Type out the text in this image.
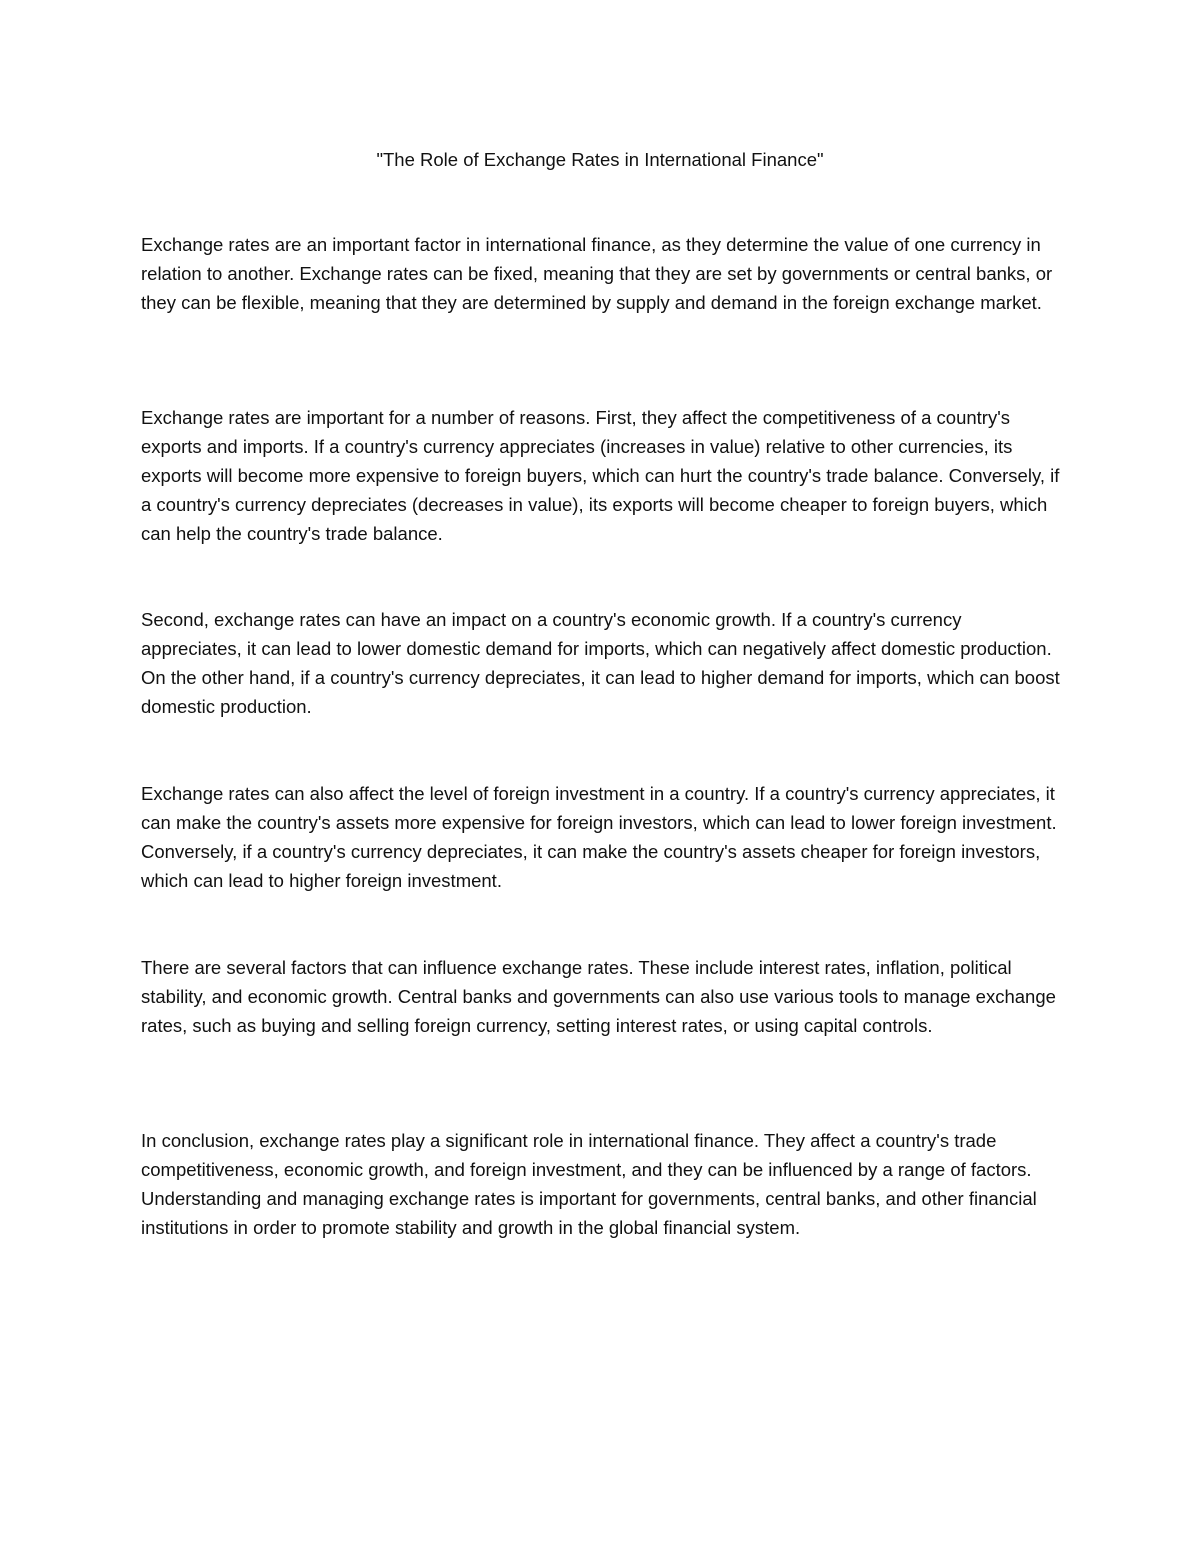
"The Role of Exchange Rates in International Finance"

Exchange rates are an important factor in international finance, as they determine the value of one currency in relation to another. Exchange rates can be fixed, meaning that they are set by governments or central banks, or they can be flexible, meaning that they are determined by supply and demand in the foreign exchange market.

Exchange rates are important for a number of reasons. First, they affect the competitiveness of a country's exports and imports. If a country's currency appreciates (increases in value) relative to other currencies, its exports will become more expensive to foreign buyers, which can hurt the country's trade balance. Conversely, if a country's currency depreciates (decreases in value), its exports will become cheaper to foreign buyers, which can help the country's trade balance.

Second, exchange rates can have an impact on a country's economic growth. If a country's currency appreciates, it can lead to lower domestic demand for imports, which can negatively affect domestic production. On the other hand, if a country's currency depreciates, it can lead to higher demand for imports, which can boost domestic production.

Exchange rates can also affect the level of foreign investment in a country. If a country's currency appreciates, it can make the country's assets more expensive for foreign investors, which can lead to lower foreign investment. Conversely, if a country's currency depreciates, it can make the country's assets cheaper for foreign investors, which can lead to higher foreign investment.

There are several factors that can influence exchange rates. These include interest rates, inflation, political stability, and economic growth. Central banks and governments can also use various tools to manage exchange rates, such as buying and selling foreign currency, setting interest rates, or using capital controls.

In conclusion, exchange rates play a significant role in international finance. They affect a country's trade competitiveness, economic growth, and foreign investment, and they can be influenced by a range of factors. Understanding and managing exchange rates is important for governments, central banks, and other financial institutions in order to promote stability and growth in the global financial system.
